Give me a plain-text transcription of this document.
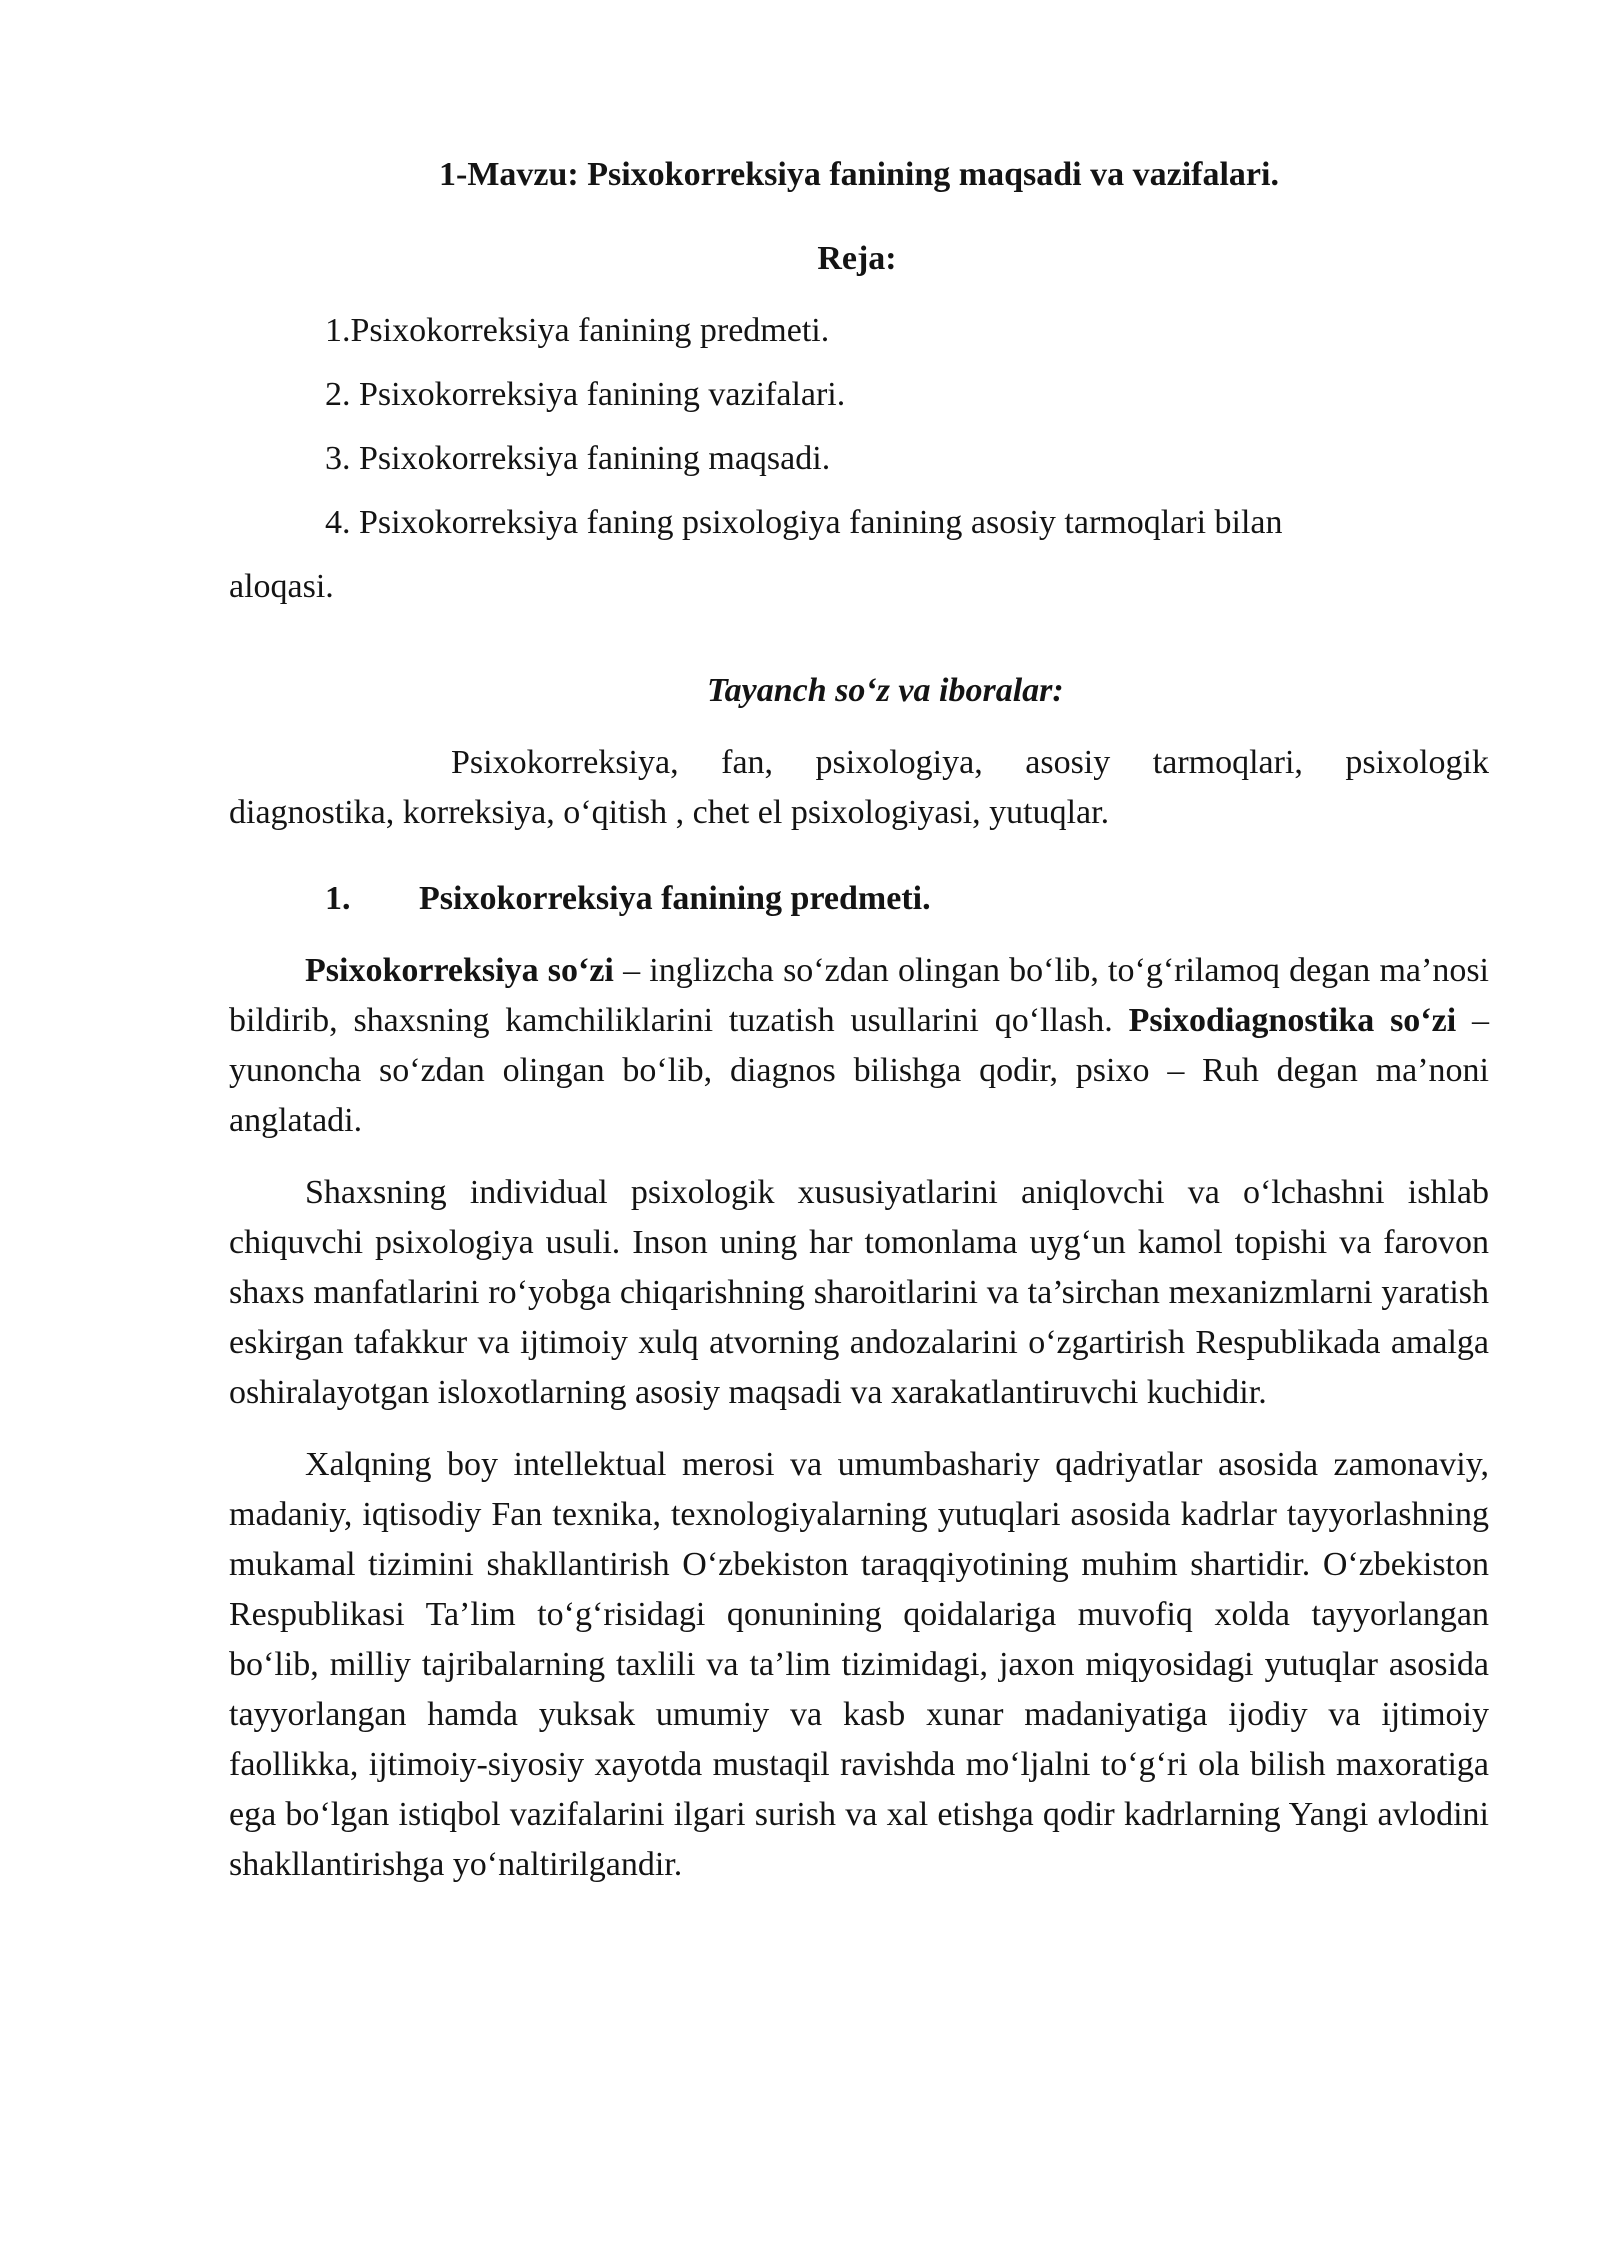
1-Mavzu: Psixokorreksiya fanining maqsadi va vazifalari.
Reja:
1.Psixokorreksiya fanining predmeti.
2. Psixokorreksiya fanining vazifalari.
3. Psixokorreksiya fanining maqsadi.
4. Psixokorreksiya faning psixologiya fanining asosiy tarmoqlari bilan
aloqasi.
Tayanch so‘z va iboralar:

Psixokorreksiya, fan, psixologiya, asosiy tarmoqlari, psixologik diagnostika, korreksiya, o‘qitish , chet el psixologiyasi, yutuqlar.

1. Psixokorreksiya fanining predmeti.

Psixokorreksiya so‘zi – inglizcha so‘zdan olingan bo‘lib, to‘g‘rilamoq degan ma’nosi bildirib, shaxsning kamchiliklarini tuzatish usullarini qo‘llash. Psixodiagnostika so‘zi – yunoncha so‘zdan olingan bo‘lib, diagnos bilishga qodir, psixo – Ruh degan ma’noni anglatadi.

Shaxsning individual psixologik xususiyatlarini aniqlovchi va o‘lchashni ishlab chiquvchi psixologiya usuli. Inson uning har tomonlama uyg‘un kamol topishi va farovon shaxs manfatlarini ro‘yobga chiqarishning sharoitlarini va ta’sirchan mexanizmlarni yaratish eskirgan tafakkur va ijtimoiy xulq atvorning andozalarini o‘zgartirish Respublikada amalga oshiralayotgan isloxotlarning asosiy maqsadi va xarakatlantiruvchi kuchidir.

Xalqning boy intellektual merosi va umumbashariy qadriyatlar asosida zamonaviy, madaniy, iqtisodiy Fan texnika, texnologiyalarning yutuqlari asosida kadrlar tayyorlashning mukamal tizimini shakllantirish O‘zbekiston taraqqiyotining muhim shartidir. O‘zbekiston Respublikasi Ta’lim to‘g‘risidagi qonunining qoidalariga muvofiq xolda tayyorlangan bo‘lib, milliy tajribalarning taxlili va ta’lim tizimidagi, jaxon miqyosidagi yutuqlar asosida tayyorlangan hamda yuksak umumiy va kasb xunar madaniyatiga ijodiy va ijtimoiy faollikka, ijtimoiy-siyosiy xayotda mustaqil ravishda mo‘ljalni to‘g‘ri ola bilish maxoratiga ega bo‘lgan istiqbol vazifalarini ilgari surish va xal etishga qodir kadrlarning Yangi avlodini shakllantirishga yo‘naltirilgandir.
